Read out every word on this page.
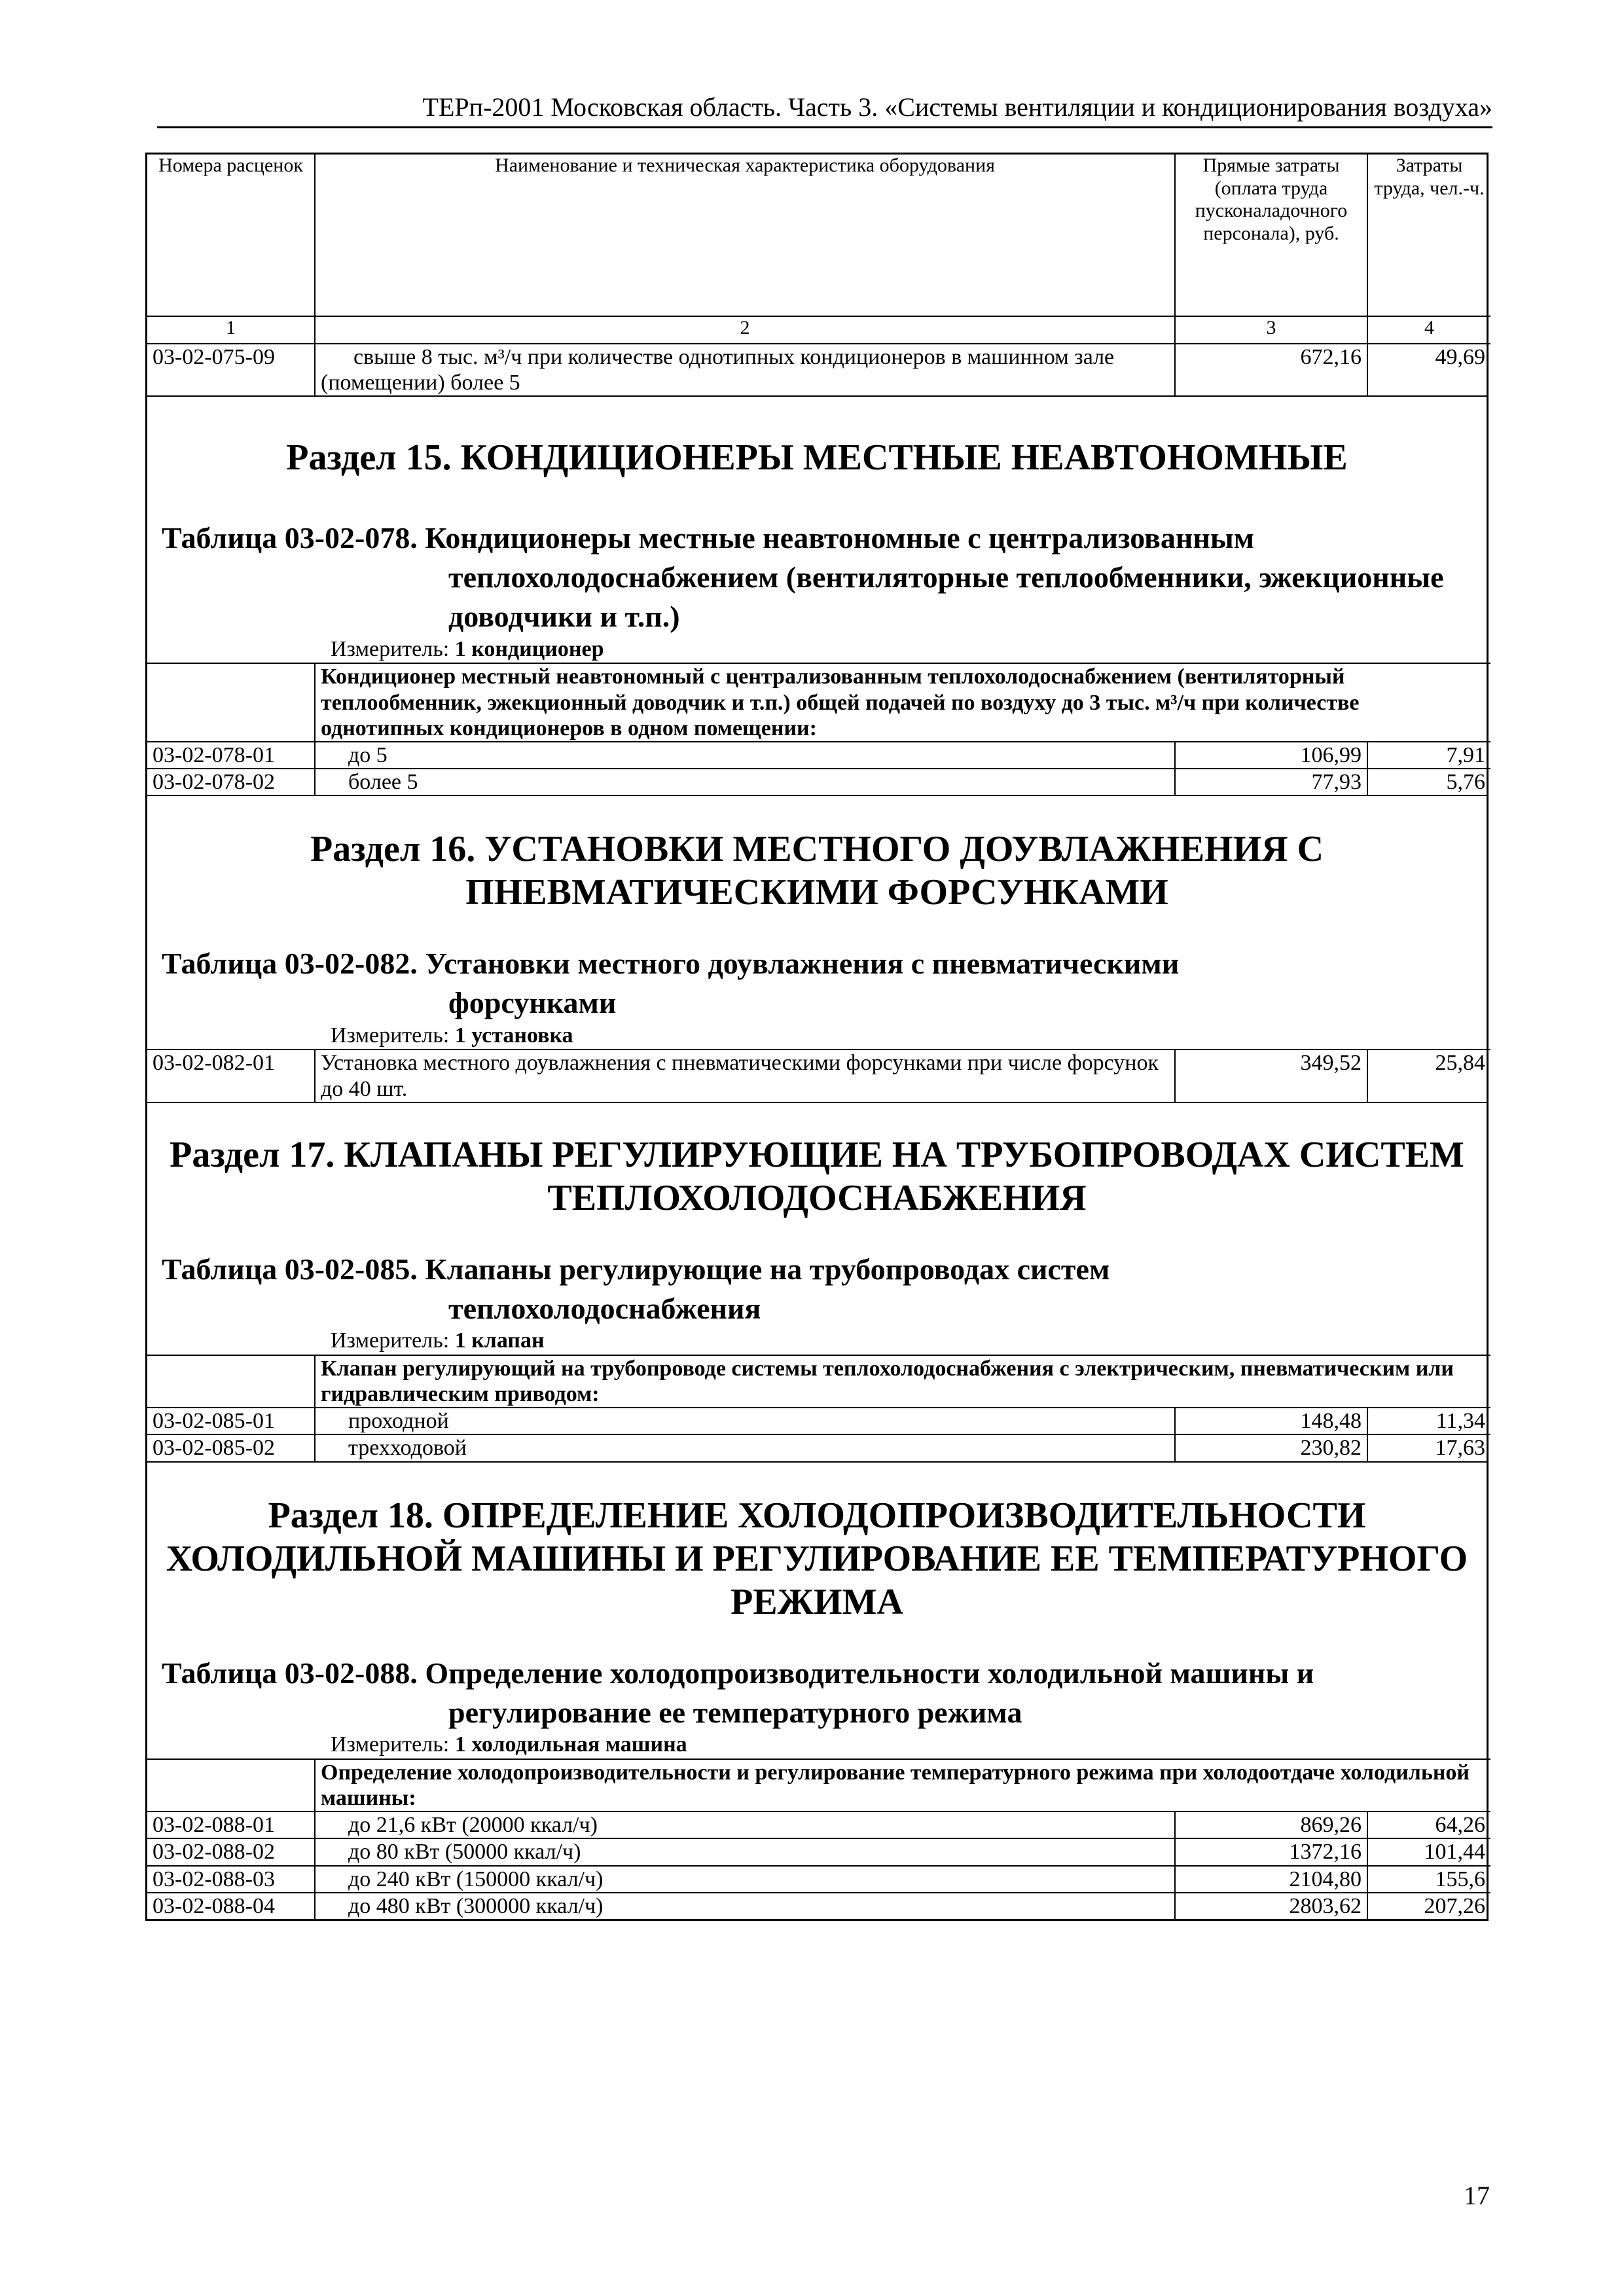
ТЕРп-2001 Московская область. Часть 3. «Системы вентиляции и кондиционирования воздуха»
Номера расценок	Наименование и техническая характеристика оборудования	Прямые затраты (оплата труда пусконаладочного персонала), руб.	Затраты труда, чел.-ч.
1	2	3	4
03-02-075-09	свыше 8 тыс. м³/ч при количестве однотипных кондиционеров в машинном зале (помещении) более 5	672,16	49,69
Раздел 15. КОНДИЦИОНЕРЫ МЕСТНЫЕ НЕАВТОНОМНЫЕ
Таблица 03-02-078. Кондиционеры местные неавтономные с централизованным
теплохолодоснабжением (вентиляторные теплообменники, эжекционные доводчики и т.п.)
Измеритель: 1 кондиционер
	Кондиционер местный неавтономный с централизованным теплохолодоснабжением (вентиляторный теплообменник, эжекционный доводчик и т.п.) общей подачей по воздуху до 3 тыс. м³/ч при количестве однотипных кондиционеров в одном помещении:		
03-02-078-01	до 5	106,99	7,91
03-02-078-02	более 5	77,93	5,76
Раздел 16. УСТАНОВКИ МЕСТНОГО ДОУВЛАЖНЕНИЯ С ПНЕВМАТИЧЕСКИМИ ФОРСУНКАМИ
Таблица 03-02-082. Установки местного доувлажнения с пневматическими
форсунками
Измеритель: 1 установка
03-02-082-01	Установка местного доувлажнения с пневматическими форсунками при числе форсунок до 40 шт.	349,52	25,84
Раздел 17. КЛАПАНЫ РЕГУЛИРУЮЩИЕ НА ТРУБОПРОВОДАХ СИСТЕМ ТЕПЛОХОЛОДОСНАБЖЕНИЯ
Таблица 03-02-085. Клапаны регулирующие на трубопроводах систем
теплохолодоснабжения
Измеритель: 1 клапан
	Клапан регулирующий на трубопроводе системы теплохолодоснабжения с электрическим, пневматическим или гидравлическим приводом:		
03-02-085-01	проходной	148,48	11,34
03-02-085-02	трехходовой	230,82	17,63
Раздел 18. ОПРЕДЕЛЕНИЕ ХОЛОДОПРОИЗВОДИТЕЛЬНОСТИ ХОЛОДИЛЬНОЙ МАШИНЫ И РЕГУЛИРОВАНИЕ ЕЕ ТЕМПЕРАТУРНОГО РЕЖИМА
Таблица 03-02-088. Определение холодопроизводительности холодильной машины и
регулирование ее температурного режима
Измеритель: 1 холодильная машина
	Определение холодопроизводительности и регулирование температурного режима при холодоотдаче холодильной машины:		
03-02-088-01	до 21,6 кВт (20000 ккал/ч)	869,26	64,26
03-02-088-02	до 80 кВт (50000 ккал/ч)	1372,16	101,44
03-02-088-03	до 240 кВт (150000 ккал/ч)	2104,80	155,6
03-02-088-04	до 480 кВт (300000 ккал/ч)	2803,62	207,26
17
